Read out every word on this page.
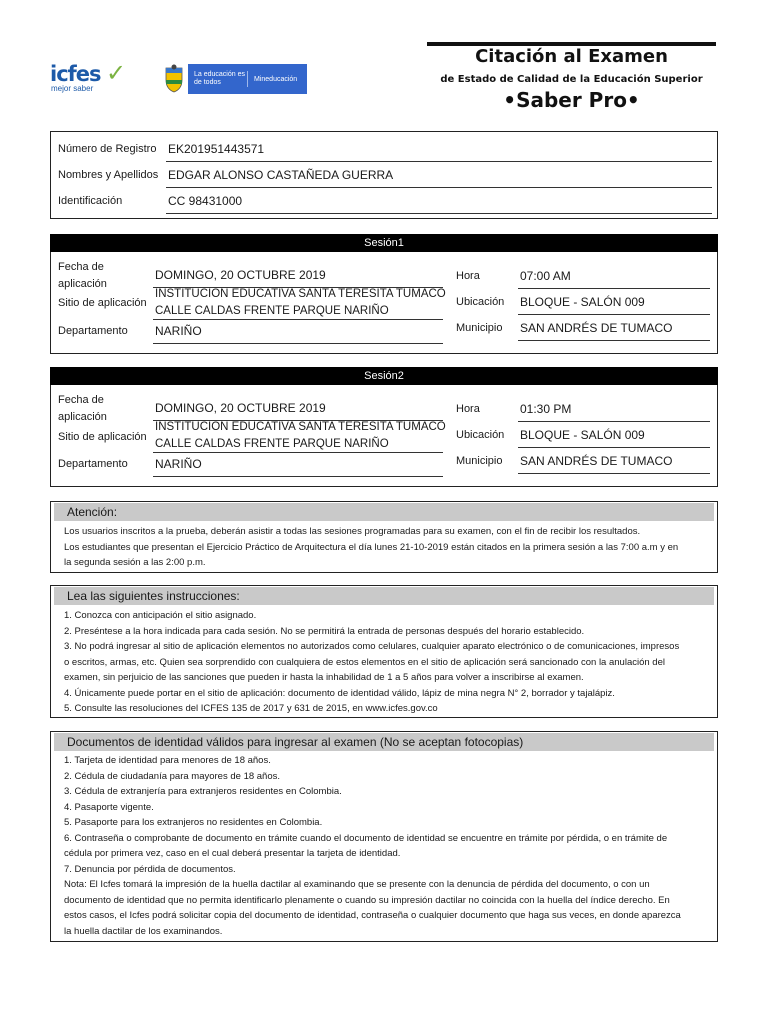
Citación al Examen
de Estado de Calidad de la Educación Superior
•Saber Pro•
icfes ✓
mejor saber
La educación es de todos	Mineducación
Número de Registro EK201951443571
Nombres y Apellidos EDGAR ALONSO CASTAÑEDA GUERRA
Identificación	CC 98431000
Sesión1
Fecha de
aplicación
DOMINGO, 20 OCTUBRE 2019
Sitio de aplicación
INSTITUCION EDUCATIVA SANTA TERESITA TUMACO
CALLE CALDAS FRENTE PARQUE NARIÑO
Departamento NARIÑO
Hora	07:00 AM
Ubicación BLOQUE - SALÓN 009
Municipio SAN ANDRÉS DE TUMACO
Sesión2
Fecha de
aplicación
DOMINGO, 20 OCTUBRE 2019
Sitio de aplicación
INSTITUCION EDUCATIVA SANTA TERESITA TUMACO
CALLE CALDAS FRENTE PARQUE NARIÑO
Departamento NARIÑO
Hora	01:30 PM
Ubicación BLOQUE - SALÓN 009
Municipio SAN ANDRÉS DE TUMACO
Atención:
Los usuarios inscritos a la prueba, deberán asistir a todas las sesiones programadas para su examen, con el fin de recibir los resultados.
Los estudiantes que presentan el Ejercicio Práctico de Arquitectura el día lunes 21-10-2019 están citados en la primera sesión a las 7:00 a.m y en
la segunda sesión a las 2:00 p.m.
Lea las siguientes instrucciones:
1. Conozca con anticipación el sitio asignado.
2. Preséntese a la hora indicada para cada sesión. No se permitirá la entrada de personas después del horario establecido.
3. No podrá ingresar al sitio de aplicación elementos no autorizados como celulares, cualquier aparato electrónico o de comunicaciones, impresos
o escritos, armas, etc. Quien sea sorprendido con cualquiera de estos elementos en el sitio de aplicación será sancionado con la anulación del
examen, sin perjuicio de las sanciones que pueden ir hasta la inhabilidad de 1 a 5 años para volver a inscribirse al examen.
4. Únicamente puede portar en el sitio de aplicación: documento de identidad válido, lápiz de mina negra N° 2, borrador y tajalápiz.
5. Consulte las resoluciones del ICFES 135 de 2017 y 631 de 2015, en www.icfes.gov.co
Documentos de identidad válidos para ingresar al examen (No se aceptan fotocopias)
1. Tarjeta de identidad para menores de 18 años.
2. Cédula de ciudadanía para mayores de 18 años.
3. Cédula de extranjería para extranjeros residentes en Colombia.
4. Pasaporte vigente.
5. Pasaporte para los extranjeros no residentes en Colombia.
6. Contraseña o comprobante de documento en trámite cuando el documento de identidad se encuentre en trámite por pérdida, o en trámite de
cédula por primera vez, caso en el cual deberá presentar la tarjeta de identidad.
7. Denuncia por pérdida de documentos.
Nota: El Icfes tomará la impresión de la huella dactilar al examinando que se presente con la denuncia de pérdida del documento, o con un
documento de identidad que no permita identificarlo plenamente o cuando su impresión dactilar no coincida con la huella del índice derecho. En
estos casos, el Icfes podrá solicitar copia del documento de identidad, contraseña o cualquier documento que haga sus veces, en donde aparezca
la huella dactilar de los examinandos.
